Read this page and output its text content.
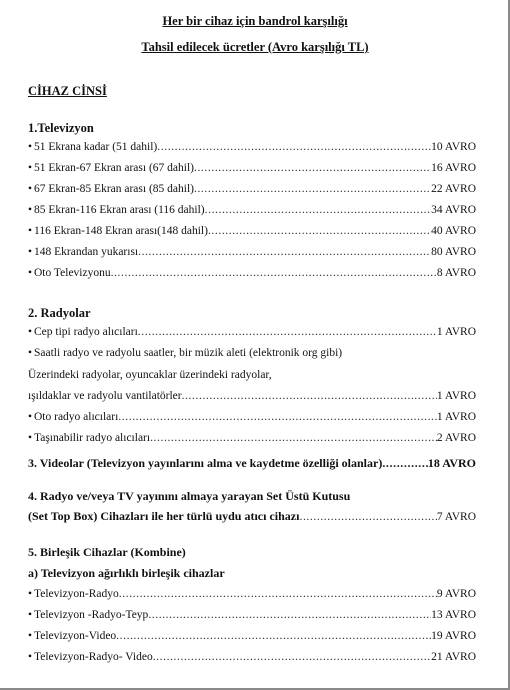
Her bir cihaz için bandrol karşılığı
Tahsil edilecek ücretler (Avro karşılığı TL)
CİHAZ CİNSİ
1.Televizyon
• 51 Ekrana kadar (51 dahil) .....	10 AVRO
• 51 Ekran-67 Ekran arası (67 dahil) .....	16 AVRO
• 67 Ekran-85 Ekran arası (85 dahil) .....	22 AVRO
• 85 Ekran-116 Ekran arası (116 dahil) .....	34 AVRO
• 116 Ekran-148 Ekran arası(148 dahil) .....	40 AVRO
• 148 Ekrandan yukarısı .....	80 AVRO
• Oto Televizyonu .....	8 AVRO
2. Radyolar
• Cep tipi radyo alıcıları .....	1 AVRO
• Saatli radyo ve radyolu saatler, bir müzik aleti (elektronik org gibi)
Üzerindeki radyolar, oyuncaklar üzerindeki radyolar,
ışıldaklar ve radyolu vantilatörler .....	1 AVRO
• Oto radyo alıcıları .....	1 AVRO
• Taşınabilir radyo alıcıları .....	2 AVRO
3. Videolar (Televizyon yayınlarını alma ve kaydetme özelliği olanlar) .....	18 AVRO
4. Radyo ve/veya TV yayınını almaya yarayan Set Üstü Kutusu
(Set Top Box) Cihazları ile her türlü uydu atıcı cihazı .....	7 AVRO
5. Birleşik Cihazlar (Kombine)
a) Televizyon ağırlıklı birleşik cihazlar
• Televizyon-Radyo .....	9 AVRO
• Televizyon -Radyo-Teyp .....	13 AVRO
• Televizyon-Video .....	19 AVRO
• Televizyon-Radyo- Video .....	21 AVRO
